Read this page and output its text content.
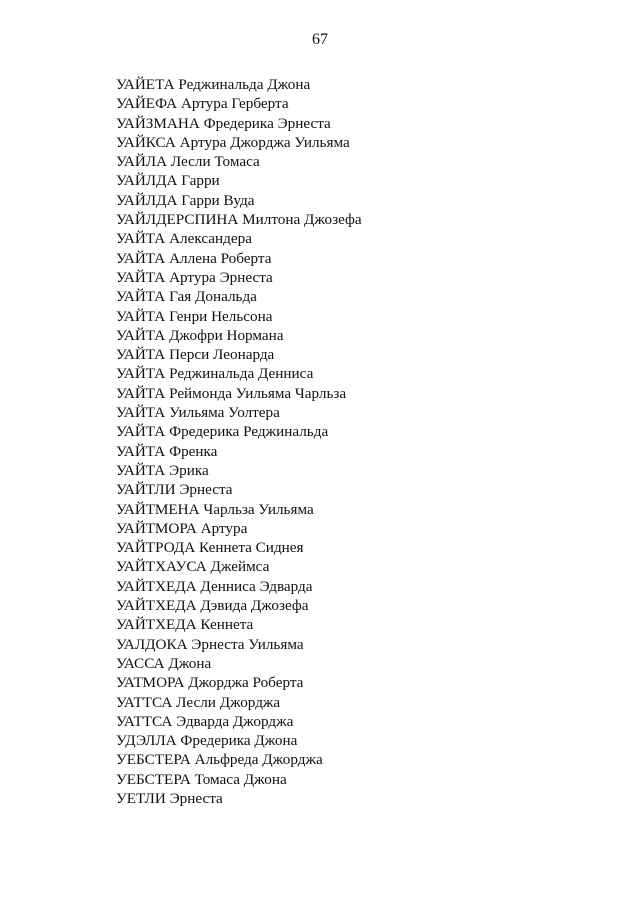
67
УАЙЕТА Реджинальда Джона
УАЙЕФА Артура Герберта
УАЙЗМАНА Фредерика Эрнеста
УАЙКСА Артура Джорджа Уильяма
УАЙЛА Лесли Томаса
УАЙЛДА Гарри
УАЙЛДА Гарри Вуда
УАЙЛДЕРСПИНА Милтона Джозефа
УАЙТА Александера
УАЙТА Аллена Роберта
УАЙТА Артура Эрнеста
УАЙТА Гая Дональда
УАЙТА Генри Нельсона
УАЙТА Джофри Нормана
УАЙТА Перси Леонарда
УАЙТА Реджинальда Денниса
УАЙТА Реймонда Уильяма Чарльза
УАЙТА Уильяма Уолтера
УАЙТА Фредерика Реджинальда
УАЙТА Френка
УАЙТА Эрика
УАЙТЛИ Эрнеста
УАЙТМЕНА Чарльза Уильяма
УАЙТМОРА Артура
УАЙТРОДА Кеннета Сиднея
УАЙТХАУСА Джеймса
УАЙТХЕДА Денниса Эдварда
УАЙТХЕДА Дэвида Джозефа
УАЙТХЕДА Кеннета
УАЛДОКА Эрнеста Уильяма
УАССА Джона
УАТМОРА Джорджа Роберта
УАТТСА Лесли Джорджа
УАТТСА Эдварда Джорджа
УДЭЛЛА Фредерика Джона
УЕБСТЕРА Альфреда Джорджа
УЕБСТЕРА Томаса Джона
УЕТЛИ Эрнеста
